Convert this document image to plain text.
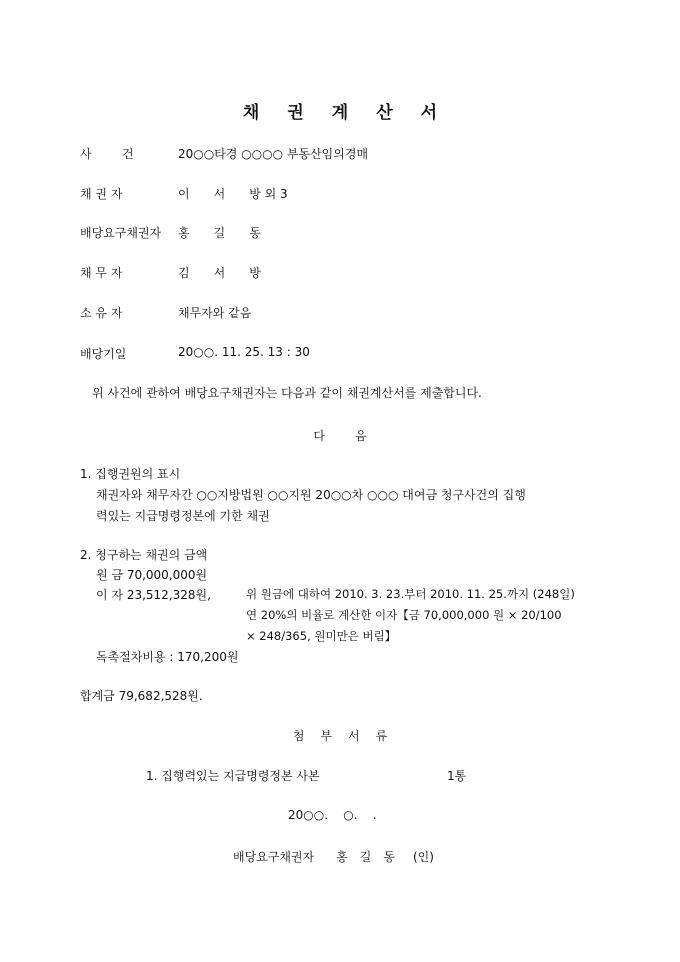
채 권 계 산 서
사	건	20○○타경 ○○○○ 부동산임의경매
채 권 자	이 서 방 외 3
배당요구채권자 홍 길 동
채 무 자	김 서 방
소 유 자	채무자와 같음
배당기일	20○○. 11. 25. 13 : 30
위 사건에 관하여 배당요구채권자는 다음과 같이 채권계산서를 제출합니다.
다	음
1. 집행권원의 표시
채권자와 채무자간 ○○지방법원 ○○지원 20○○차 ○○○ 대여금 청구사건의 집행
력있는 지급명령정본에 기한 채권
2. 청구하는 채권의 금액
원 금 70,000,000원
이 자 23,512,328원,	위 원금에 대하여 2010. 3. 23.부터 2010. 11. 25.까지 (248일)
연 20%의 비율로 계산한 이자【금 70,000,000 원 × 20/100
× 248/365, 원미만은 버림】
독촉절차비용 : 170,200원
합계금 79,682,528원.
첨 부 서 류
1. 집행력있는 지급명령정본 사본	1통
20○○.    ○.    .
배당요구채권자 홍 길 동 (인)
